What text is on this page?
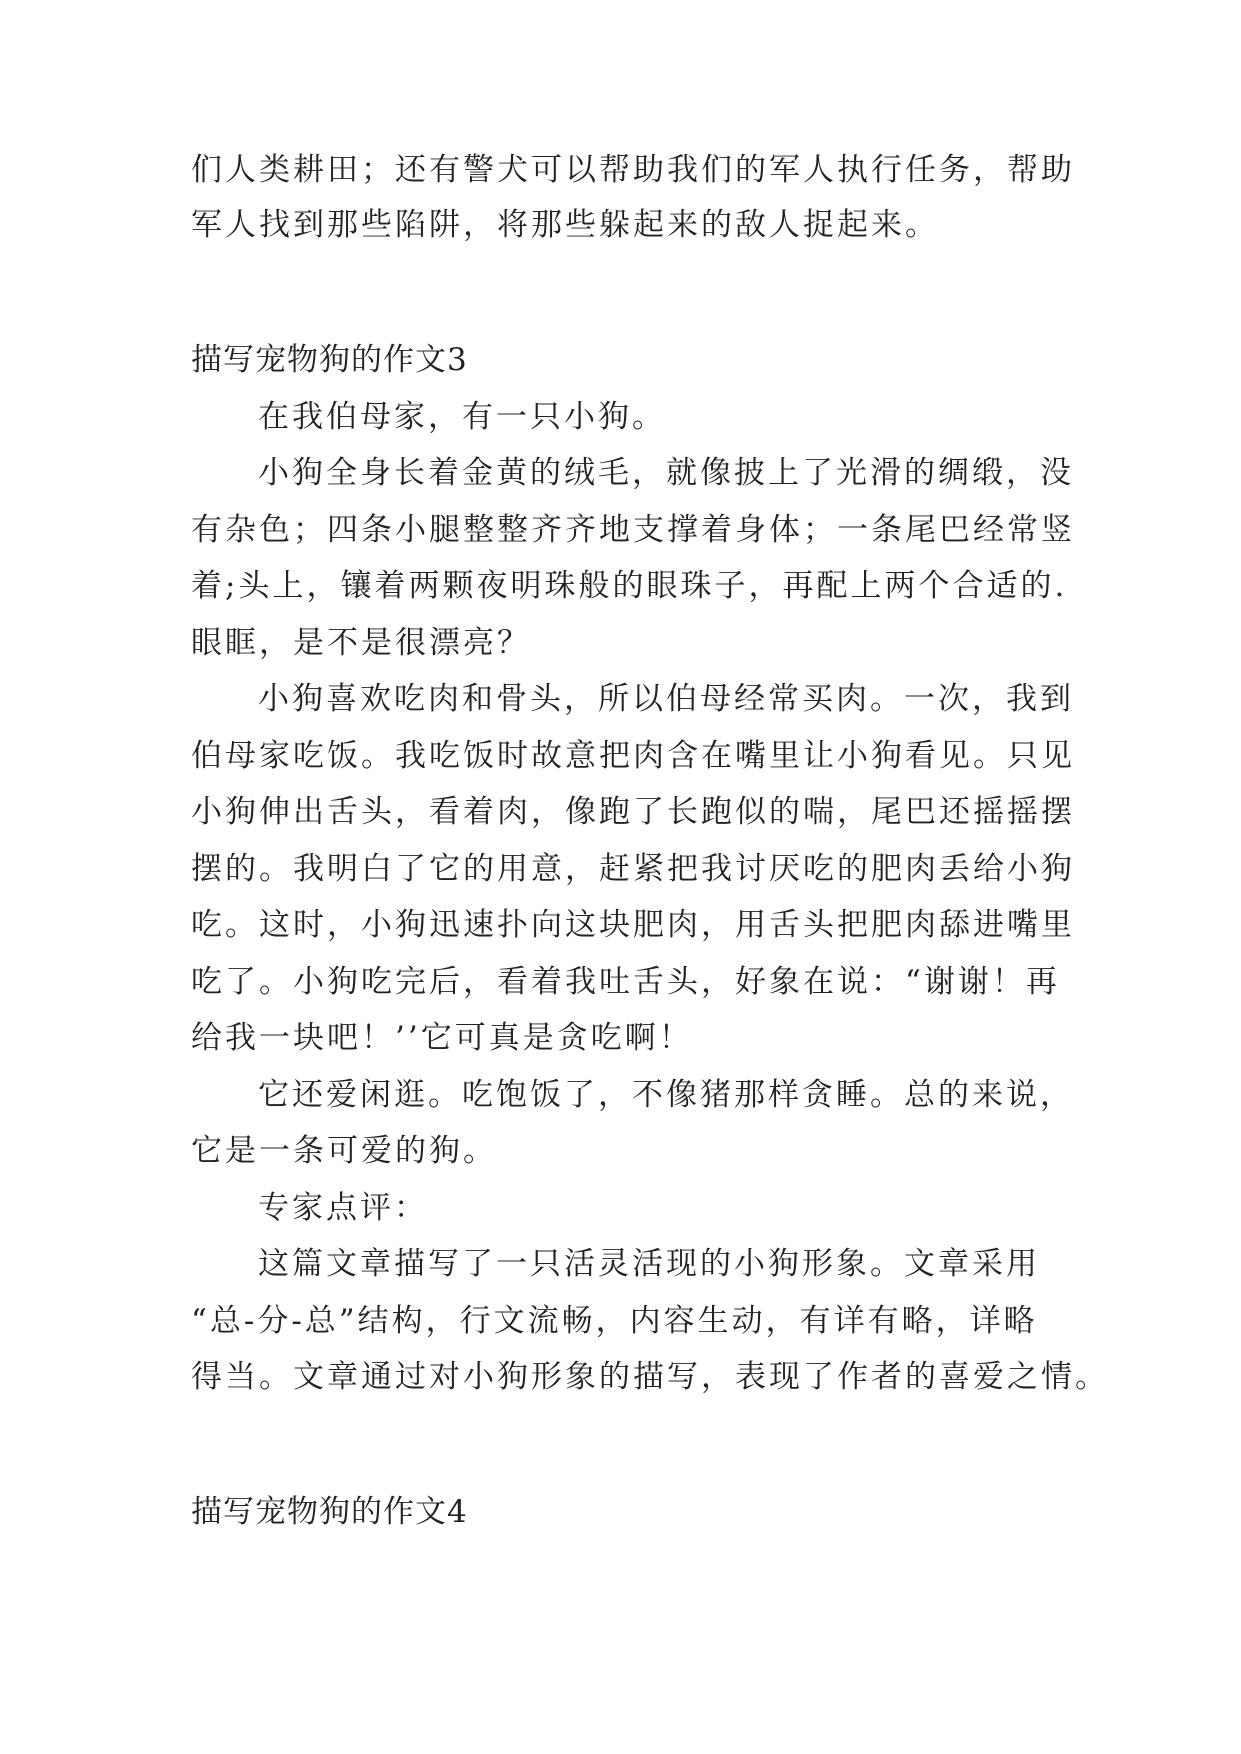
们人类耕田；还有警犬可以帮助我们的军人执行任务，帮助
军人找到那些陷阱，将那些躲起来的敌人捉起来。
描写宠物狗的作文3
在我伯母家，有一只小狗。
小狗全身长着金黄的绒毛，就像披上了光滑的绸缎，没
有杂色；四条小腿整整齐齐地支撑着身体；一条尾巴经常竖
着;头上，镶着两颗夜明珠般的眼珠子，再配上两个合适的.
眼眶，是不是很漂亮？
小狗喜欢吃肉和骨头，所以伯母经常买肉。一次，我到
伯母家吃饭。我吃饭时故意把肉含在嘴里让小狗看见。只见
小狗伸出舌头，看着肉，像跑了长跑似的喘，尾巴还摇摇摆
摆的。我明白了它的用意，赶紧把我讨厌吃的肥肉丢给小狗
吃。这时，小狗迅速扑向这块肥肉，用舌头把肥肉舔进嘴里
吃了。小狗吃完后，看着我吐舌头，好象在说：“谢谢！再
给我一块吧！’’它可真是贪吃啊！
它还爱闲逛。吃饱饭了，不像猪那样贪睡。总的来说，
它是一条可爱的狗。
专家点评：
这篇文章描写了一只活灵活现的小狗形象。文章采用
“总-分-总”结构，行文流畅，内容生动，有详有略，详略
得当。文章通过对小狗形象的描写，表现了作者的喜爱之情。
描写宠物狗的作文4
